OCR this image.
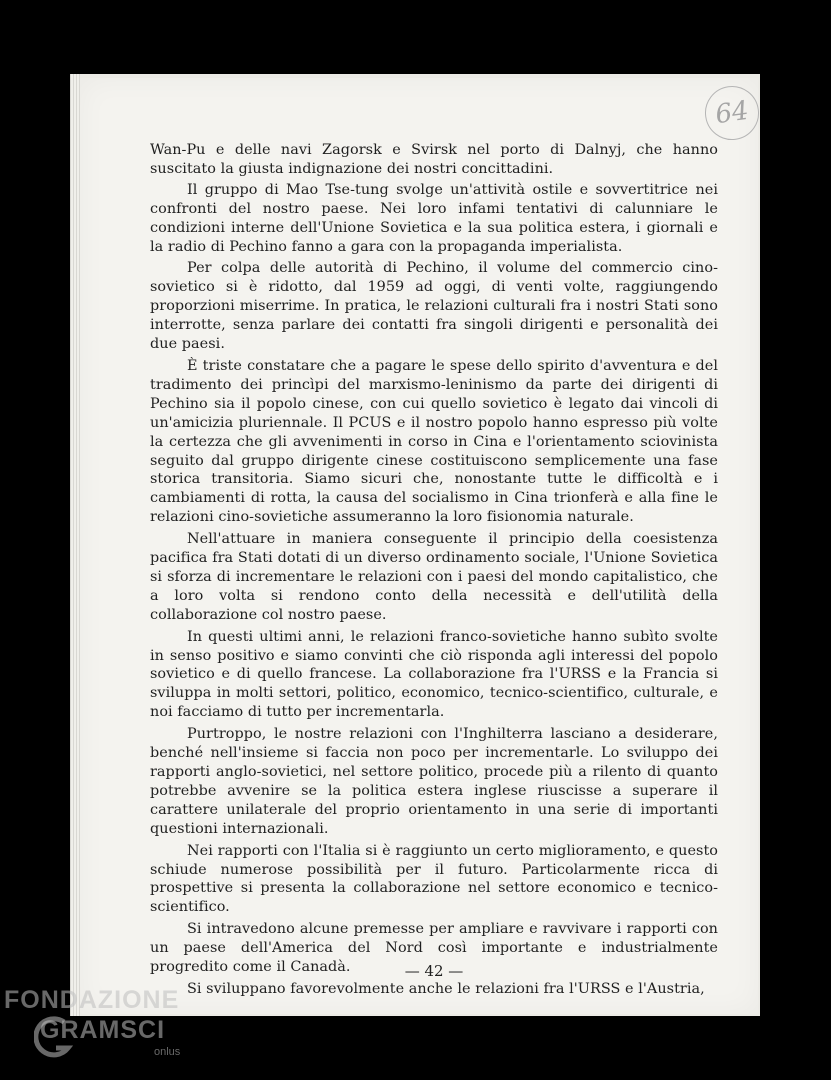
64

Wan-Pu e delle navi Zagorsk e Svirsk nel porto di Dalnyj, che hanno suscitato la giusta indignazione dei nostri concittadini.

Il gruppo di Mao Tse-tung svolge un'attività ostile e sovvertitrice nei confronti del nostro paese. Nei loro infami tentativi di calunniare le condizioni interne dell'Unione Sovietica e la sua politica estera, i giornali e la radio di Pechino fanno a gara con la propaganda imperialista.

Per colpa delle autorità di Pechino, il volume del commercio cino-sovietico si è ridotto, dal 1959 ad oggi, di venti volte, raggiungendo proporzioni miserrime. In pratica, le relazioni culturali fra i nostri Stati sono interrotte, senza parlare dei contatti fra singoli dirigenti e personalità dei due paesi.

È triste constatare che a pagare le spese dello spirito d'avventura e del tradimento dei princìpi del marxismo-leninismo da parte dei dirigenti di Pechino sia il popolo cinese, con cui quello sovietico è legato dai vincoli di un'amicizia pluriennale. Il PCUS e il nostro popolo hanno espresso più volte la certezza che gli avvenimenti in corso in Cina e l'orientamento sciovinista seguito dal gruppo dirigente cinese costituiscono semplicemente una fase storica transitoria. Siamo sicuri che, nonostante tutte le difficoltà e i cambiamenti di rotta, la causa del socialismo in Cina trionferà e alla fine le relazioni cino-sovietiche assumeranno la loro fisionomia naturale.

Nell'attuare in maniera conseguente il principio della coesistenza pacifica fra Stati dotati di un diverso ordinamento sociale, l'Unione Sovietica si sforza di incrementare le relazioni con i paesi del mondo capitalistico, che a loro volta si rendono conto della necessità e dell'utilità della collaborazione col nostro paese.

In questi ultimi anni, le relazioni franco-sovietiche hanno subìto svolte in senso positivo e siamo convinti che ciò risponda agli interessi del popolo sovietico e di quello francese. La collaborazione fra l'URSS e la Francia si sviluppa in molti settori, politico, economico, tecnico-scientifico, culturale, e noi facciamo di tutto per incrementarla.

Purtroppo, le nostre relazioni con l'Inghilterra lasciano a desiderare, benché nell'insieme si faccia non poco per incrementarle. Lo sviluppo dei rapporti anglo-sovietici, nel settore politico, procede più a rilento di quanto potrebbe avvenire se la politica estera inglese riuscisse a superare il carattere unilaterale del proprio orientamento in una serie di importanti questioni internazionali.

Nei rapporti con l'Italia si è raggiunto un certo miglioramento, e questo schiude numerose possibilità per il futuro. Particolarmente ricca di prospettive si presenta la collaborazione nel settore economico e tecnico-scientifico.

Si intravedono alcune premesse per ampliare e ravvivare i rapporti con un paese dell'America del Nord così importante e industrialmente progredito come il Canadà.

Si sviluppano favorevolmente anche le relazioni fra l'URSS e l'Austria,

— 42 —
FONDAZIONE
GRAMSCI
onlus
